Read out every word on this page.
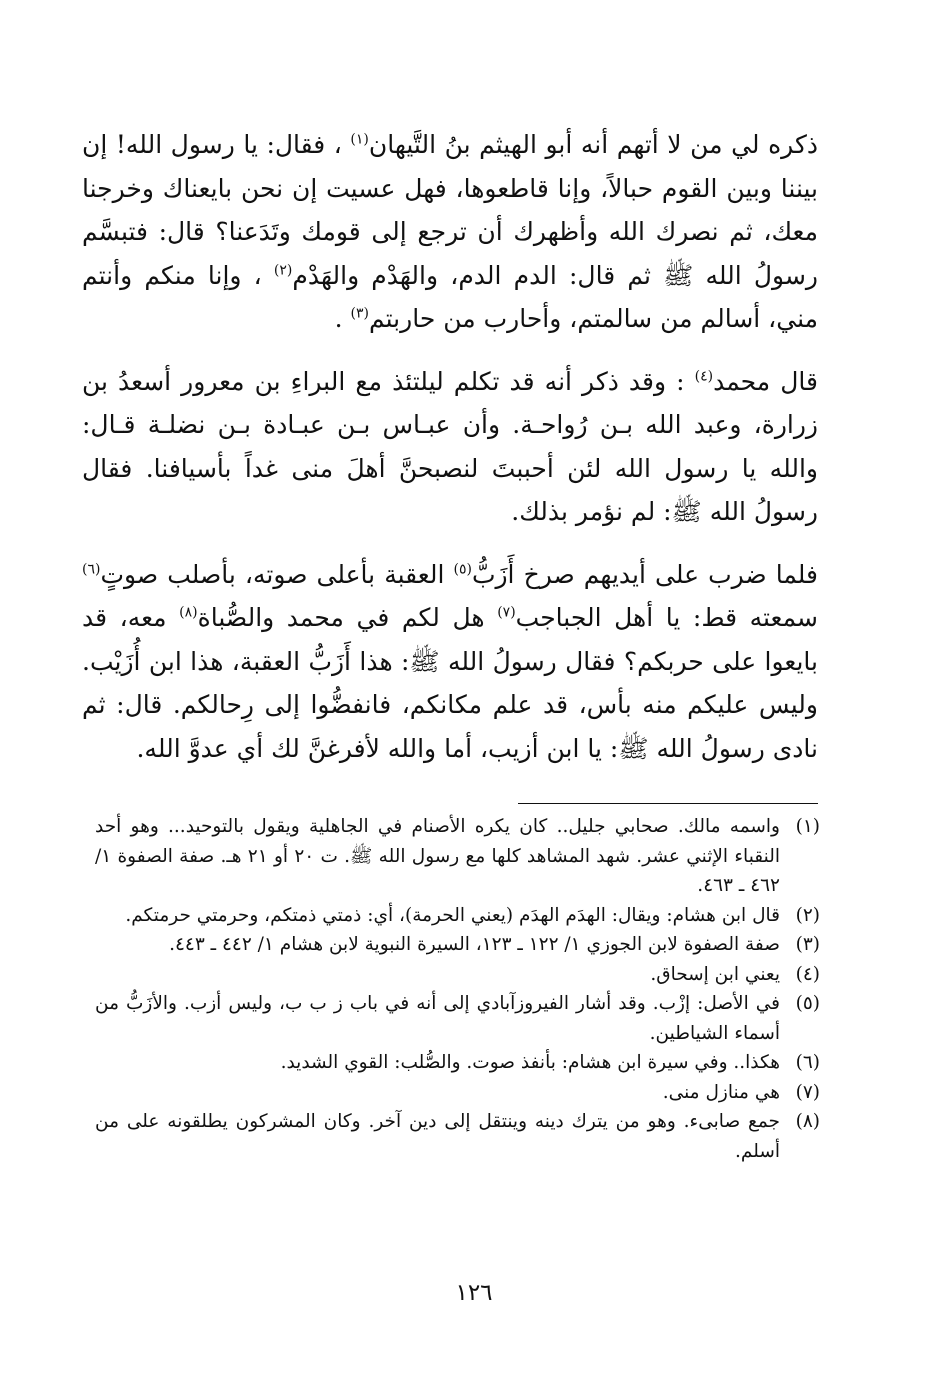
ذكره لي من لا أتهم أنه أبو الهيثم بنُ التَّيهان$^{(١)}$ ، فقال: يا رسول الله! إن بيننا وبين القوم حبالاً، وإنا قاطعوها، فهل عسيت إن نحن بايعناك وخرجنا معك، ثم نصرك الله وأظهرك أن ترجع إلى قومك وتَدَعنا؟ قال: فتبسَّم رسولُ الله ﷺ ثم قال: الدم الدم، والهَدْم والهَدْم$^{(٢)}$ ، وإنا منكم وأنتم مني، أسالم من سالمتم، وأحارب من حاربتم$^{(٣)}$ .

قال محمد$^{(٤)}$ : وقد ذكر أنه قد تكلم ليلتئذ مع البراءِ بن معرور أسعدُ بن زرارة، وعبد الله بـن رُواحـة. وأن عبـاس بـن عبـادة بـن نضلـة قـال: والله يا رسول الله لئن أحببتَ لنصبحنَّ أهلَ منى غداً بأسيافنا. فقال رسولُ الله ﷺ: لم نؤمر بذلك.

فلما ضرب على أيديهم صرخ أَزَبُّ$^{(٥)}$ العقبة بأعلى صوته، بأصلب صوتٍ$^{(٦)}$ سمعته قط: يا أهل الجباجب$^{(٧)}$ هل لكم في محمد والصُّباة$^{(٨)}$ معه، قد بايعوا على حربكم؟ فقال رسولُ الله ﷺ: هذا أَزَبُّ العقبة، هذا ابن أُزَيْب. وليس عليكم منه بأس، قد علم مكانكم، فانفضُّوا إلى رِحالكم. قال: ثم نادى رسولُ الله ﷺ: يا ابن أزيب، أما والله لأفرغنَّ لك أي عدوَّ الله.

(١)
واسمه مالك. صحابي جليل.. كان يكره الأصنام في الجاهلية ويقول بالتوحيد... وهو أحد النقباء الإثني عشر. شهد المشاهد كلها مع رسول الله ﷺ. ت ٢٠ أو ٢١ هـ. صفة الصفوة ١/ ٤٦٢ ـ ٤٦٣.
(٢)
قال ابن هشام: ويقال: الهدَم الهدَم (يعني الحرمة)، أي: ذمتي ذمتكم، وحرمتي حرمتكم.
(٣)
صفة الصفوة لابن الجوزي ١/ ١٢٢ ـ ١٢٣، السيرة النبوية لابن هشام ١/ ٤٤٢ ـ ٤٤٣.
(٤)
يعني ابن إسحاق.
(٥)
في الأصل: إزْب. وقد أشار الفيروزآبادي إلى أنه في باب ز ب ب، وليس أزب. والأزَبُّ من أسماء الشياطين.
(٦)
هكذا.. وفي سيرة ابن هشام: بأنفذ صوت. والصُّلب: القوي الشديد.
(٧)
هي منازل منى.
(٨)
جمع صابىء. وهو من يترك دينه وينتقل إلى دين آخر. وكان المشركون يطلقونه على من أسلم.
١٢٦
